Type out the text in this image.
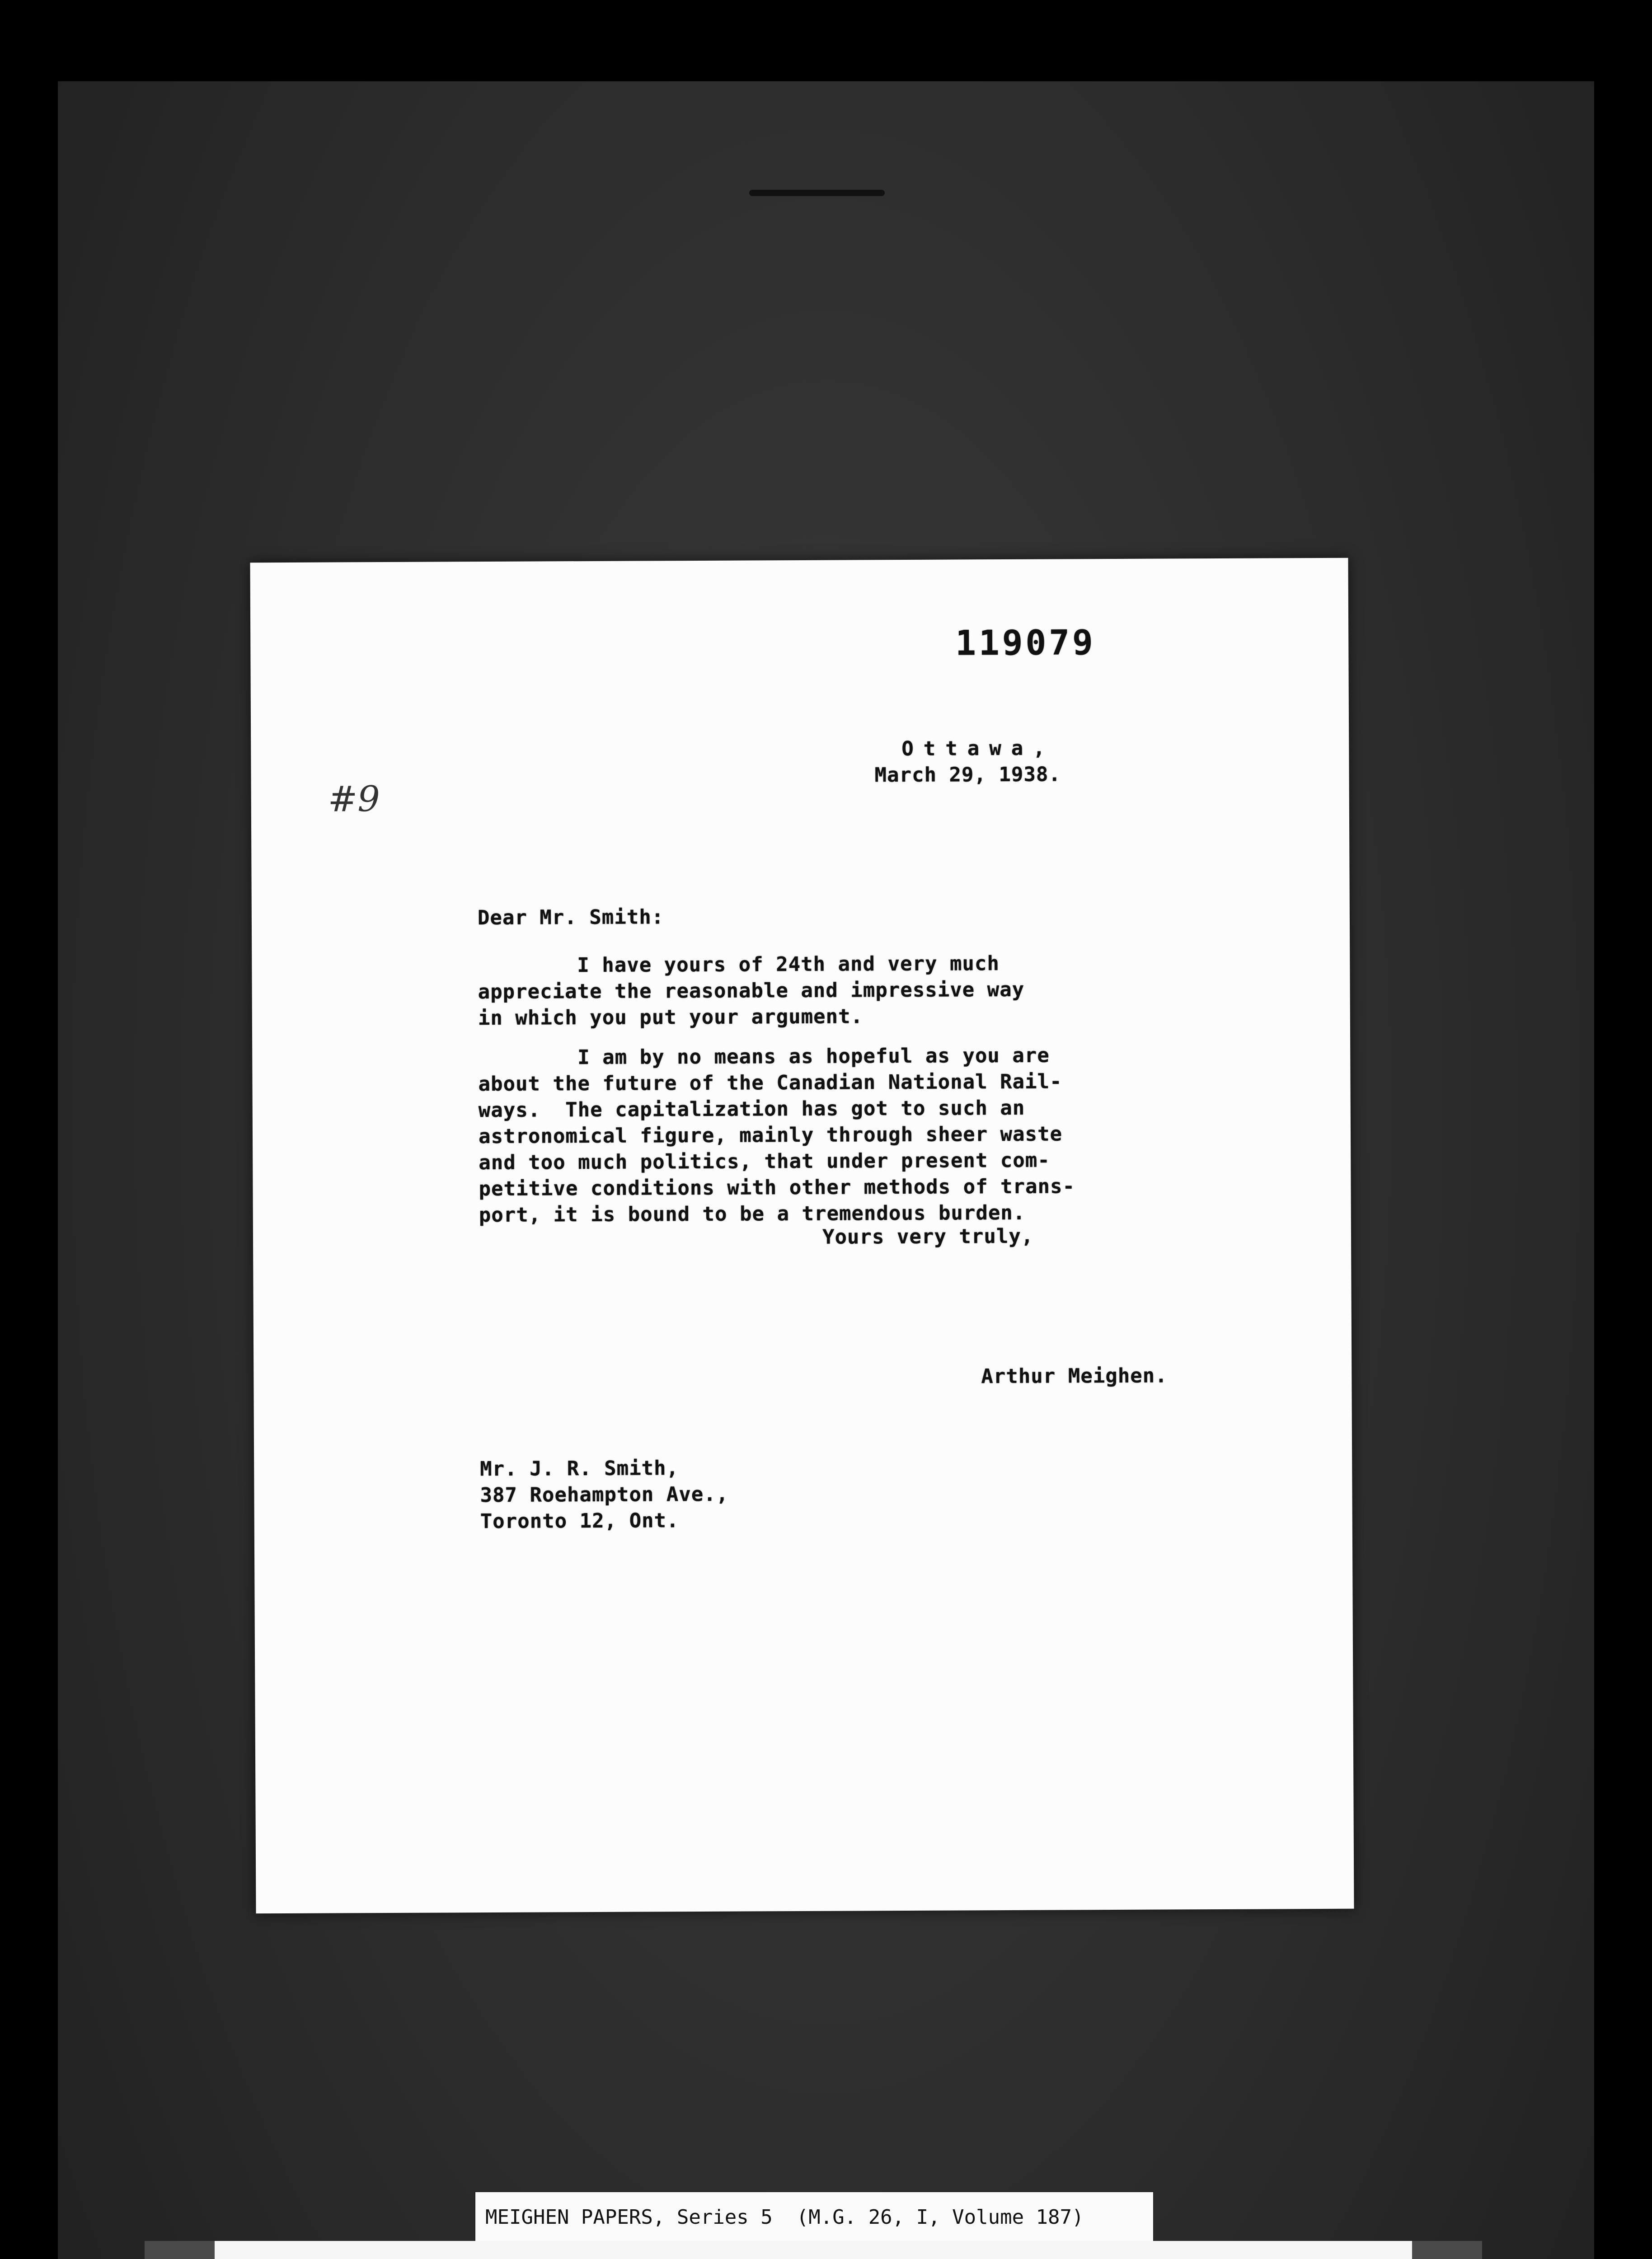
119079
#9
Ottawa,
March 29, 1938.
Dear Mr. Smith:
I have yours of 24th and very much
appreciate the reasonable and impressive way
in which you put your argument.
I am by no means as hopeful as you are
about the future of the Canadian National Rail-
ways.  The capitalization has got to such an
astronomical figure, mainly through sheer waste
and too much politics, that under present com-
petitive conditions with other methods of trans-
port, it is bound to be a tremendous burden.
Yours very truly,
Arthur Meighen.
Mr. J. R. Smith,
387 Roehampton Ave.,
Toronto 12, Ont.
MEIGHEN PAPERS, Series 5  (M.G. 26, I, Volume 187)
